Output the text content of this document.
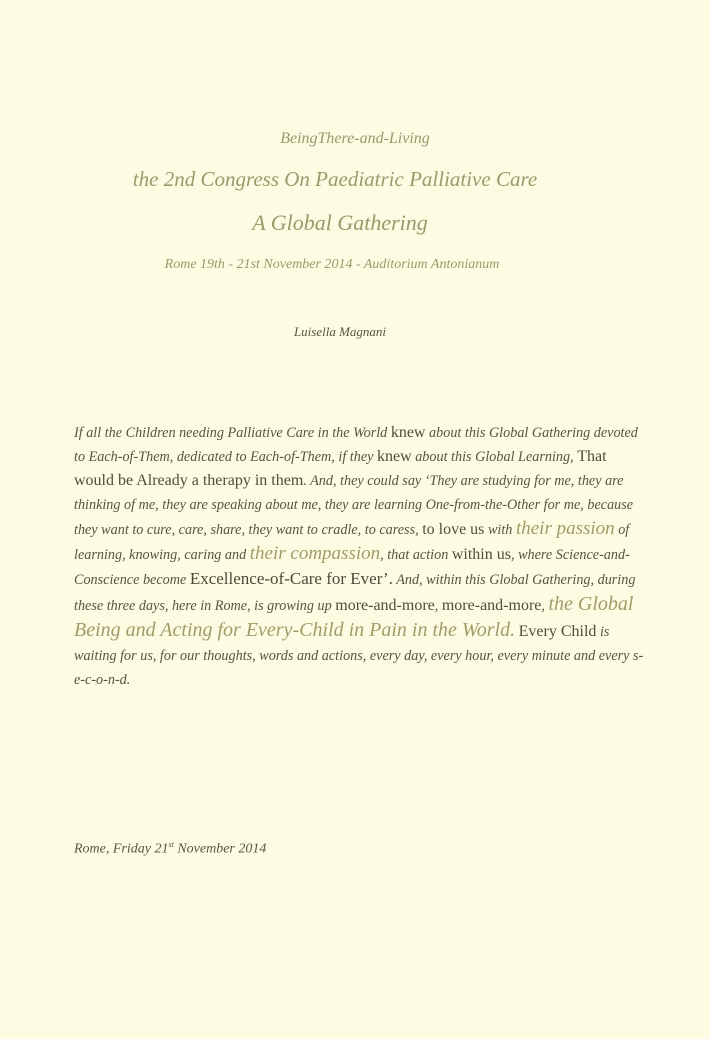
BeingThere-and-Living
the 2nd Congress On Paediatric Palliative Care
A Global Gathering
Rome 19th - 21st November 2014 - Auditorium Antonianum
Luisella Magnani

If all the Children needing Palliative Care in the World knew about this Global Gathering devoted to Each-of-Them, dedicated to Each-of-Them, if they knew about this Global Learning, That would be Already a therapy in them. And, they could say ‘They are studying for me, they are thinking of me, they are speaking about me, they are learning One-from-the-Other for me, because they want to cure, care, share, they want to cradle, to caress, to love us with their passion of learning, knowing, caring and their compassion, that action within us, where Science-and-Conscience become Excellence-of-Care for Ever’. And, within this Global Gathering, during these three days, here in Rome, is growing up more-and-more, more-and-more, the Global Being and Acting for Every-Child in Pain in the World. Every Child is waiting for us, for our thoughts, words and actions, every day, every hour, every minute and every s-e-c-o-n-d.

Rome, Friday 21st November 2014
